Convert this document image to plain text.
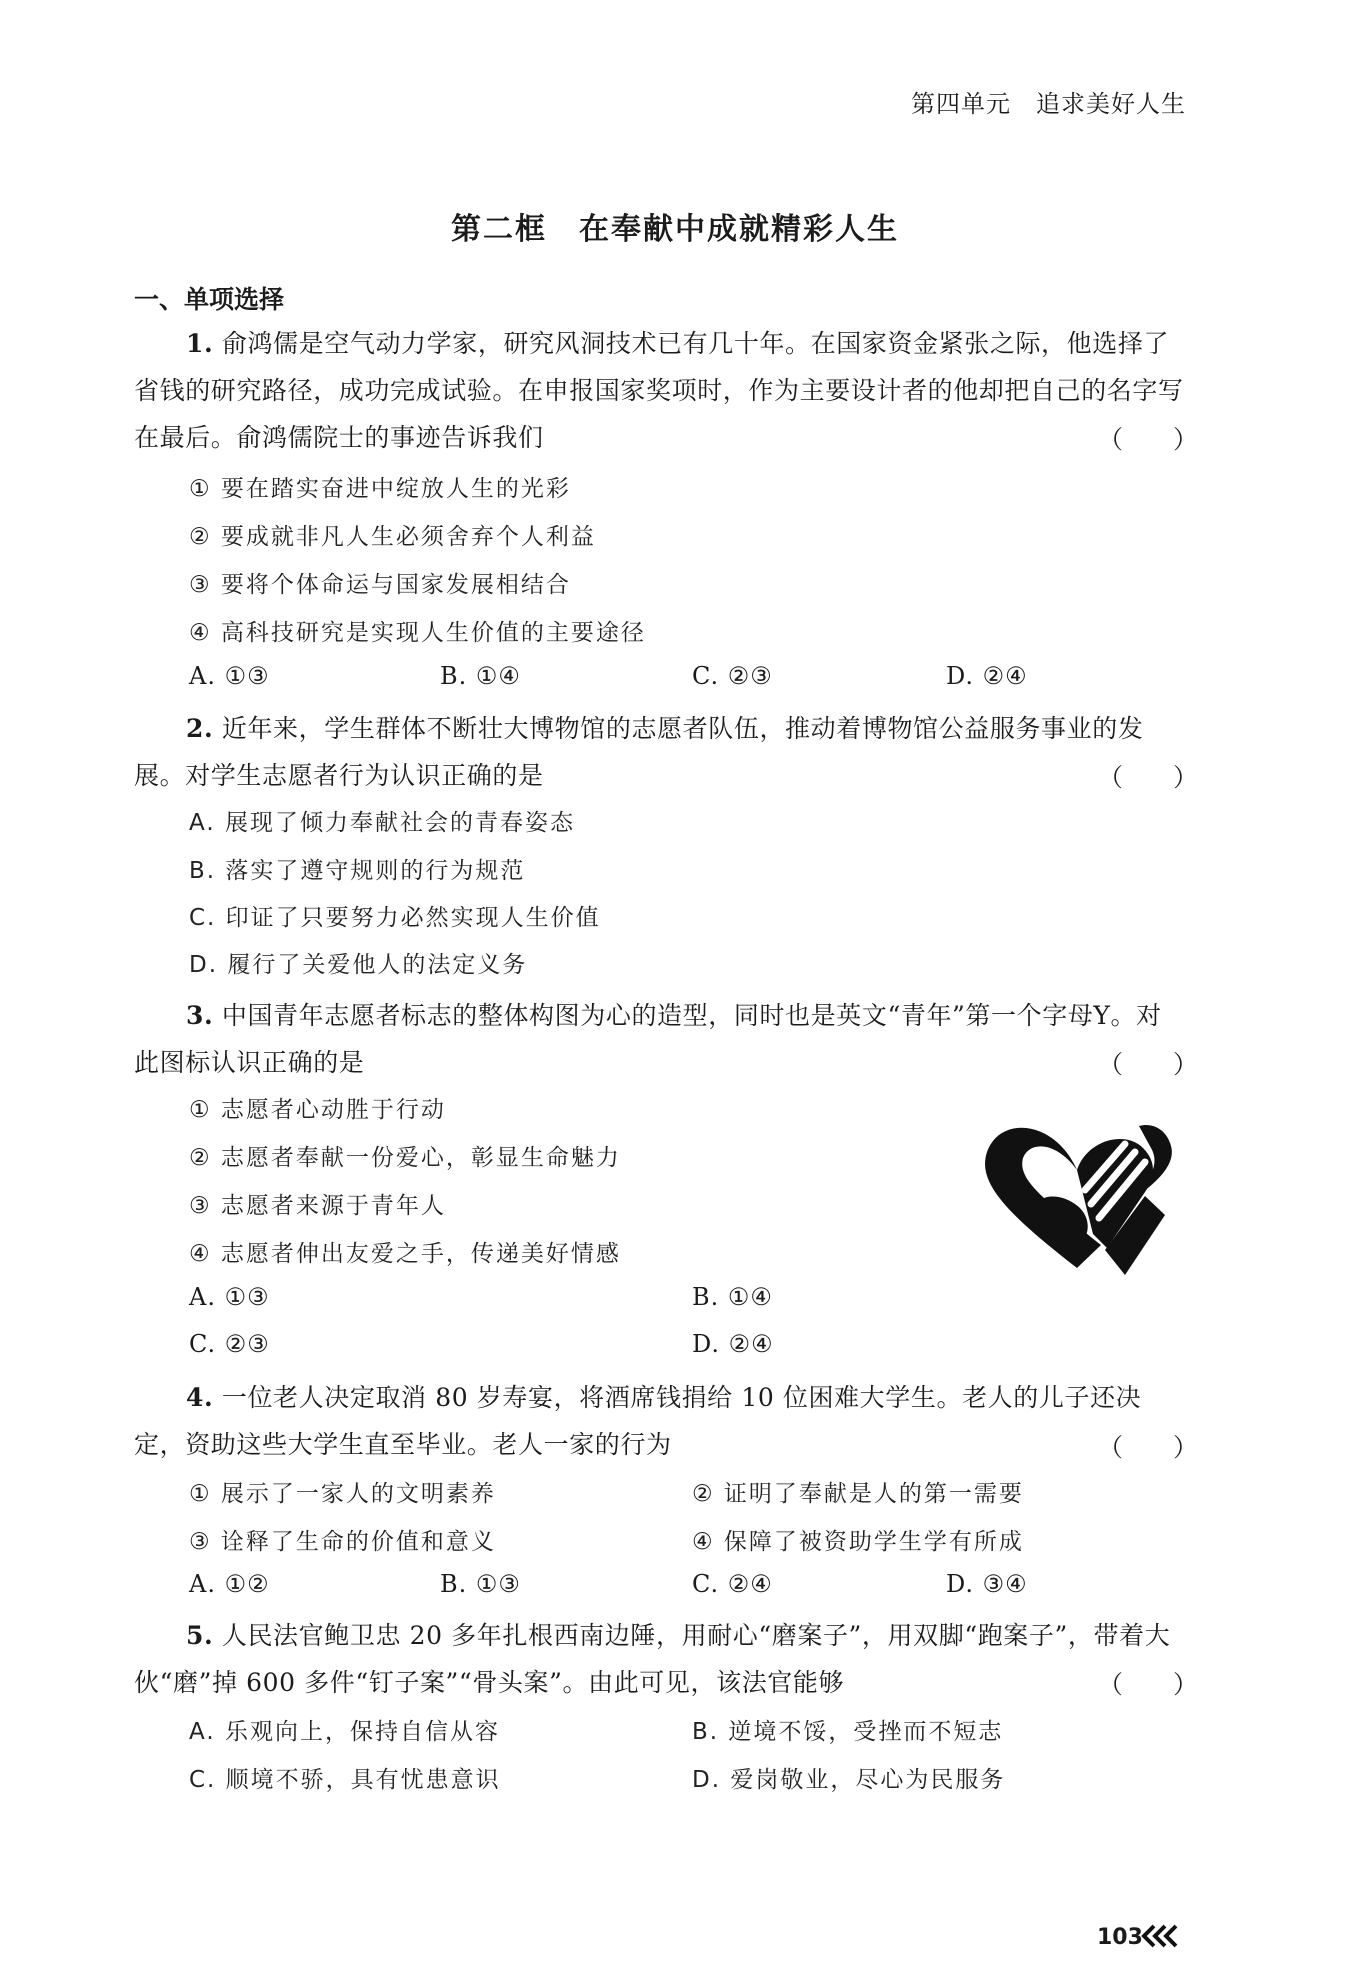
第四单元　追求美好人生
第二框　在奉献中成就精彩人生
一、单项选择
1. 俞鸿儒是空气动力学家，研究风洞技术已有几十年。在国家资金紧张之际，他选择了省钱的研究路径，成功完成试验。在申报国家奖项时，作为主要设计者的他却把自己的名字写在最后。俞鸿儒院士的事迹告诉我们	（　　）
① 要在踏实奋进中绽放人生的光彩
② 要成就非凡人生必须舍弃个人利益
③ 要将个体命运与国家发展相结合
④ 高科技研究是实现人生价值的主要途径
A. ①③	B. ①④	C. ②③	D. ②④
2. 近年来，学生群体不断壮大博物馆的志愿者队伍，推动着博物馆公益服务事业的发展。对学生志愿者行为认识正确的是	（　　）
A. 展现了倾力奉献社会的青春姿态
B. 落实了遵守规则的行为规范
C. 印证了只要努力必然实现人生价值
D. 履行了关爱他人的法定义务
3. 中国青年志愿者标志的整体构图为心的造型，同时也是英文“青年”第一个字母Y。对此图标认识正确的是	（　　）
① 志愿者心动胜于行动
② 志愿者奉献一份爱心，彰显生命魅力
③ 志愿者来源于青年人
④ 志愿者伸出友爱之手，传递美好情感
A. ①③	B. ①④
C. ②③	D. ②④
4. 一位老人决定取消 80 岁寿宴，将酒席钱捐给 10 位困难大学生。老人的儿子还决定，资助这些大学生直至毕业。老人一家的行为	（　　）
① 展示了一家人的文明素养	② 证明了奉献是人的第一需要
③ 诠释了生命的价值和意义	④ 保障了被资助学生学有所成
A. ①②	B. ①③	C. ②④	D. ③④
5. 人民法官鲍卫忠 20 多年扎根西南边陲，用耐心“磨案子”，用双脚“跑案子”，带着大伙“磨”掉 600 多件“钉子案”“骨头案”。由此可见，该法官能够	（　　）
A. 乐观向上，保持自信从容	B. 逆境不馁，受挫而不短志
C. 顺境不骄，具有忧患意识	D. 爱岗敬业，尽心为民服务
103
